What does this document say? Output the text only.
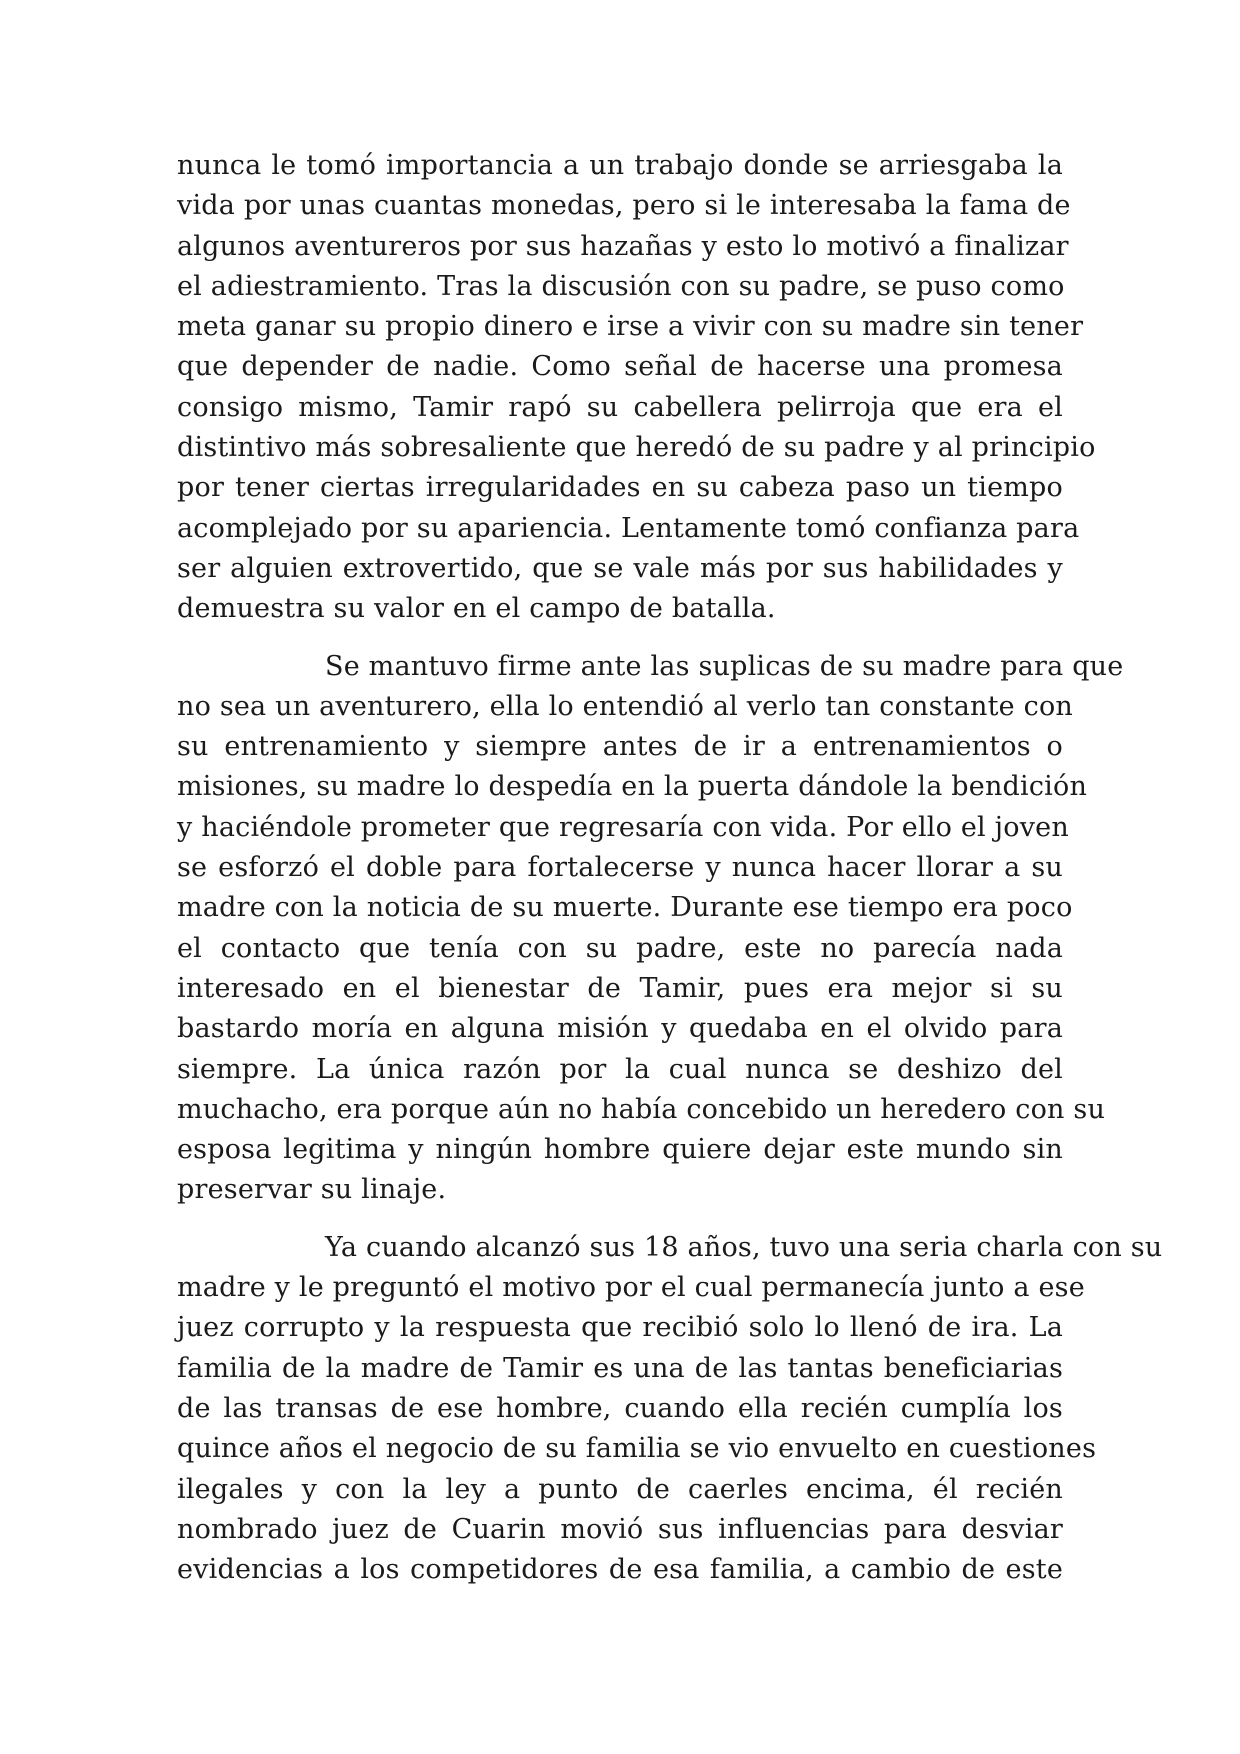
nunca le tomó importancia a un trabajo donde se arriesgaba la
vida por unas cuantas monedas, pero si le interesaba la fama de
algunos aventureros por sus hazañas y esto lo motivó a finalizar
el adiestramiento. Tras la discusión con su padre, se puso como
meta ganar su propio dinero e irse a vivir con su madre sin tener
que depender de nadie. Como señal de hacerse una promesa
consigo mismo, Tamir rapó su cabellera pelirroja que era el
distintivo más sobresaliente que heredó de su padre y al principio
por tener ciertas irregularidades en su cabeza paso un tiempo
acomplejado por su apariencia. Lentamente tomó confianza para
ser alguien extrovertido, que se vale más por sus habilidades y
demuestra su valor en el campo de batalla.
Se mantuvo firme ante las suplicas de su madre para que
no sea un aventurero, ella lo entendió al verlo tan constante con
su entrenamiento y siempre antes de ir a entrenamientos o
misiones, su madre lo despedía en la puerta dándole la bendición
y haciéndole prometer que regresaría con vida. Por ello el joven
se esforzó el doble para fortalecerse y nunca hacer llorar a su
madre con la noticia de su muerte. Durante ese tiempo era poco
el contacto que tenía con su padre, este no parecía nada
interesado en el bienestar de Tamir, pues era mejor si su
bastardo moría en alguna misión y quedaba en el olvido para
siempre. La única razón por la cual nunca se deshizo del
muchacho, era porque aún no había concebido un heredero con su
esposa legitima y ningún hombre quiere dejar este mundo sin
preservar su linaje.
Ya cuando alcanzó sus 18 años, tuvo una seria charla con su
madre y le preguntó el motivo por el cual permanecía junto a ese
juez corrupto y la respuesta que recibió solo lo llenó de ira. La
familia de la madre de Tamir es una de las tantas beneficiarias
de las transas de ese hombre, cuando ella recién cumplía los
quince años el negocio de su familia se vio envuelto en cuestiones
ilegales y con la ley a punto de caerles encima, él recién
nombrado juez de Cuarin movió sus influencias para desviar
evidencias a los competidores de esa familia, a cambio de este
